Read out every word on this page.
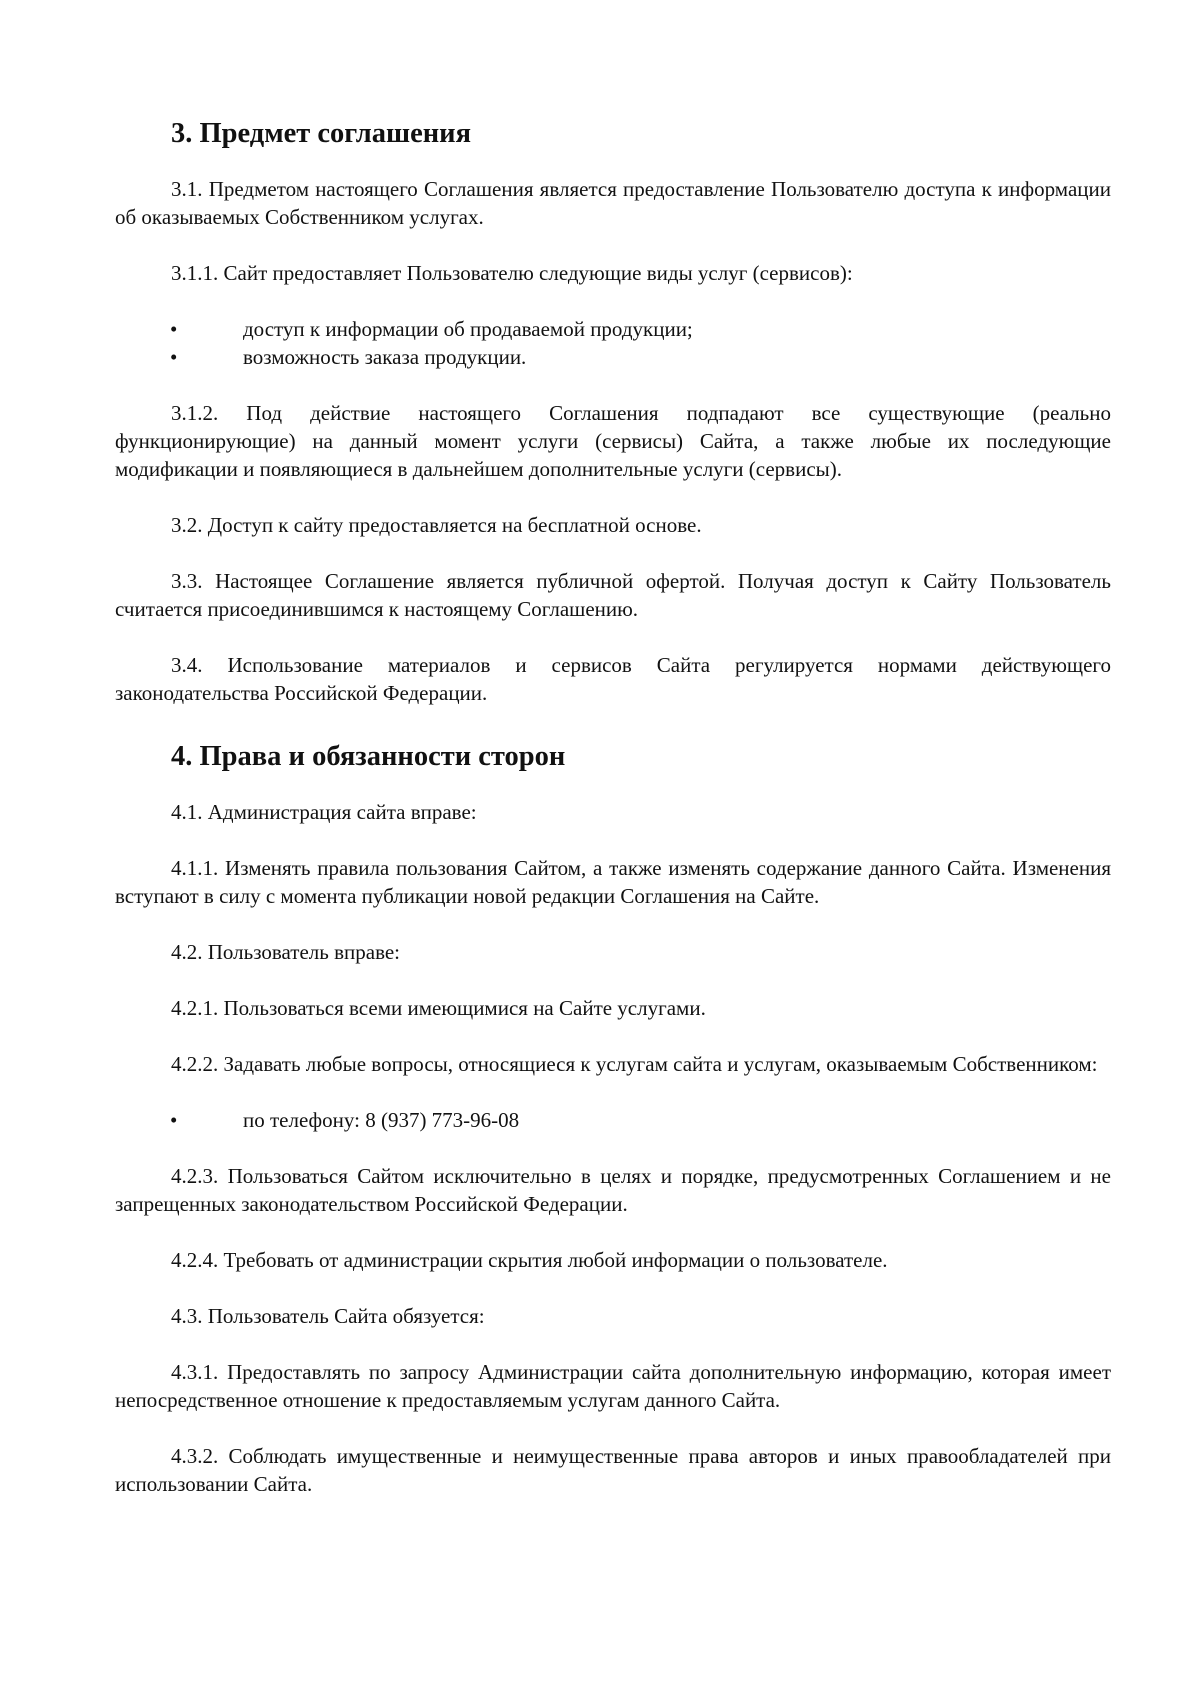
3. Предмет соглашения

3.1. Предметом настоящего Соглашения является предоставление Пользователю доступа к информации об оказываемых Собственником услугах.

3.1.1. Сайт предоставляет Пользователю следующие виды услуг (сервисов):

•	доступ к информации об продаваемой продукции;
•	возможность заказа продукции.

3.1.2. Под действие настоящего Соглашения подпадают все существующие (реально функционирующие) на данный момент услуги (сервисы) Сайта, а также любые их последующие модификации и появляющиеся в дальнейшем дополнительные услуги (сервисы).

3.2. Доступ к сайту предоставляется на бесплатной основе.

3.3. Настоящее Соглашение является публичной офертой. Получая доступ к Сайту Пользователь считается присоединившимся к настоящему Соглашению.

3.4. Использование материалов и сервисов Сайта регулируется нормами действующего законодательства Российской Федерации.

4. Права и обязанности сторон

4.1. Администрация сайта вправе:

4.1.1. Изменять правила пользования Сайтом, а также изменять содержание данного Сайта. Изменения вступают в силу с момента публикации новой редакции Соглашения на Сайте.

4.2. Пользователь вправе:

4.2.1. Пользоваться всеми имеющимися на Сайте услугами.

4.2.2. Задавать любые вопросы, относящиеся к услугам сайта и услугам, оказываемым Собственником:

•	по телефону: 8 (937) 773-96-08

4.2.3. Пользоваться Сайтом исключительно в целях и порядке, предусмотренных Соглашением и не запрещенных законодательством Российской Федерации.

4.2.4. Требовать от администрации скрытия любой информации о пользователе.

4.3. Пользователь Сайта обязуется:

4.3.1. Предоставлять по запросу Администрации сайта дополнительную информацию, которая имеет непосредственное отношение к предоставляемым услугам данного Сайта.

4.3.2. Соблюдать имущественные и неимущественные права авторов и иных правообладателей при использовании Сайта.
